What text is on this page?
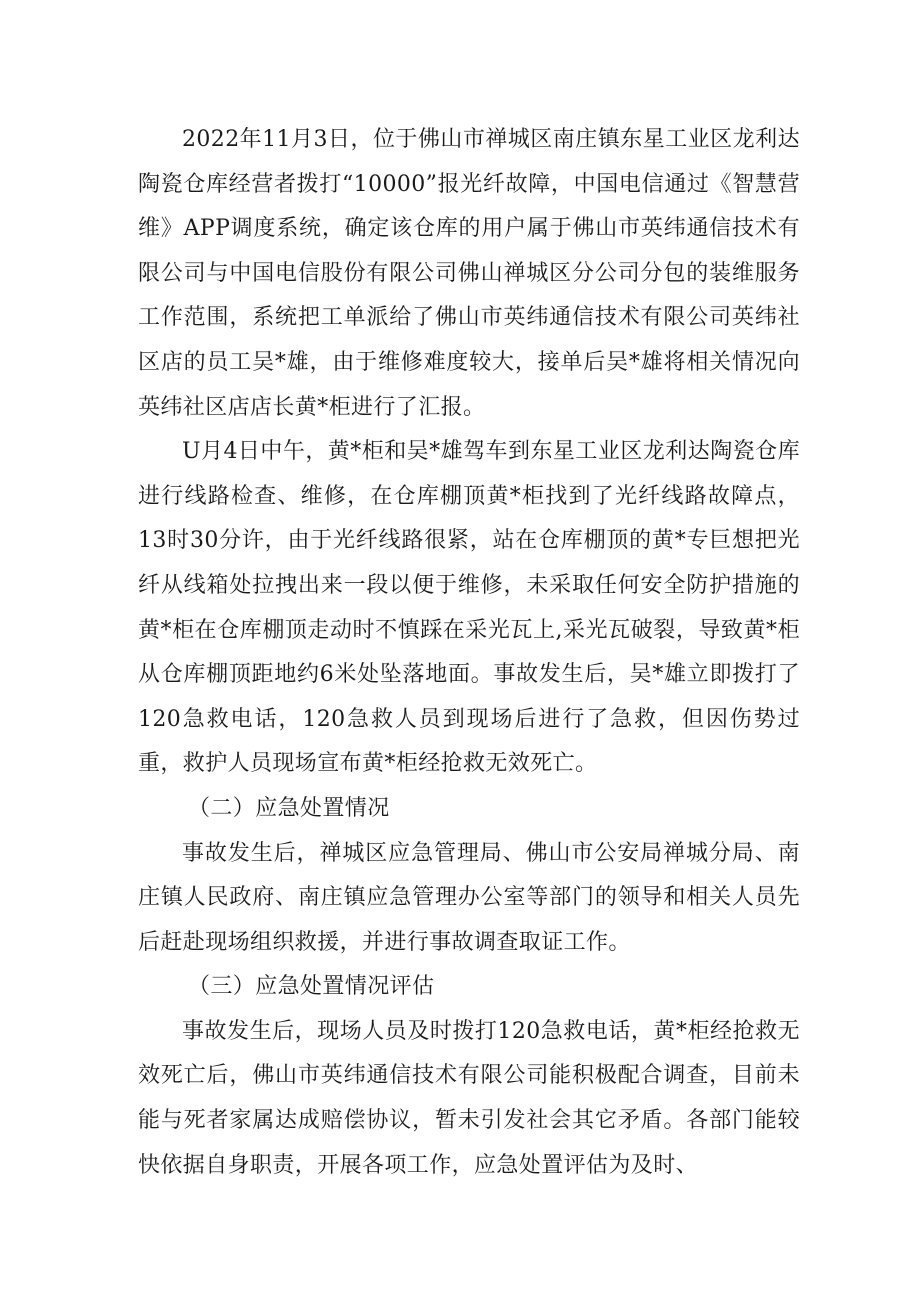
2022年11月3日，位于佛山市禅城区南庄镇东星工业区龙利达陶瓷仓库经营者拨打“10000”报光纤故障，中国电信通过《智慧营维》APP调度系统，确定该仓库的用户属于佛山市英纬通信技术有限公司与中国电信股份有限公司佛山禅城区分公司分包的装维服务工作范围，系统把工单派给了佛山市英纬通信技术有限公司英纬社区店的员工吴*雄，由于维修难度较大，接单后吴*雄将相关情况向英纬社区店店长黄*柜进行了汇报。

U月4日中午，黄*柜和吴*雄驾车到东星工业区龙利达陶瓷仓库进行线路检查、维修，在仓库棚顶黄*柜找到了光纤线路故障点，13时30分许，由于光纤线路很紧，站在仓库棚顶的黄*专巨想把光纤从线箱处拉拽出来一段以便于维修，未采取任何安全防护措施的黄*柜在仓库棚顶走动时不慎踩在采光瓦上,采光瓦破裂，导致黄*柜从仓库棚顶距地约6米处坠落地面。事故发生后，吴*雄立即拨打了120急救电话，120急救人员到现场后进行了急救，但因伤势过重，救护人员现场宣布黄*柜经抢救无效死亡。

（二）应急处置情况

事故发生后，禅城区应急管理局、佛山市公安局禅城分局、南庄镇人民政府、南庄镇应急管理办公室等部门的领导和相关人员先后赶赴现场组织救援，并进行事故调查取证工作。

（三）应急处置情况评估

事故发生后，现场人员及时拨打120急救电话，黄*柜经抢救无效死亡后，佛山市英纬通信技术有限公司能积极配合调查，目前未能与死者家属达成赔偿协议，暂未引发社会其它矛盾。各部门能较快依据自身职责，开展各项工作，应急处置评估为及时、
